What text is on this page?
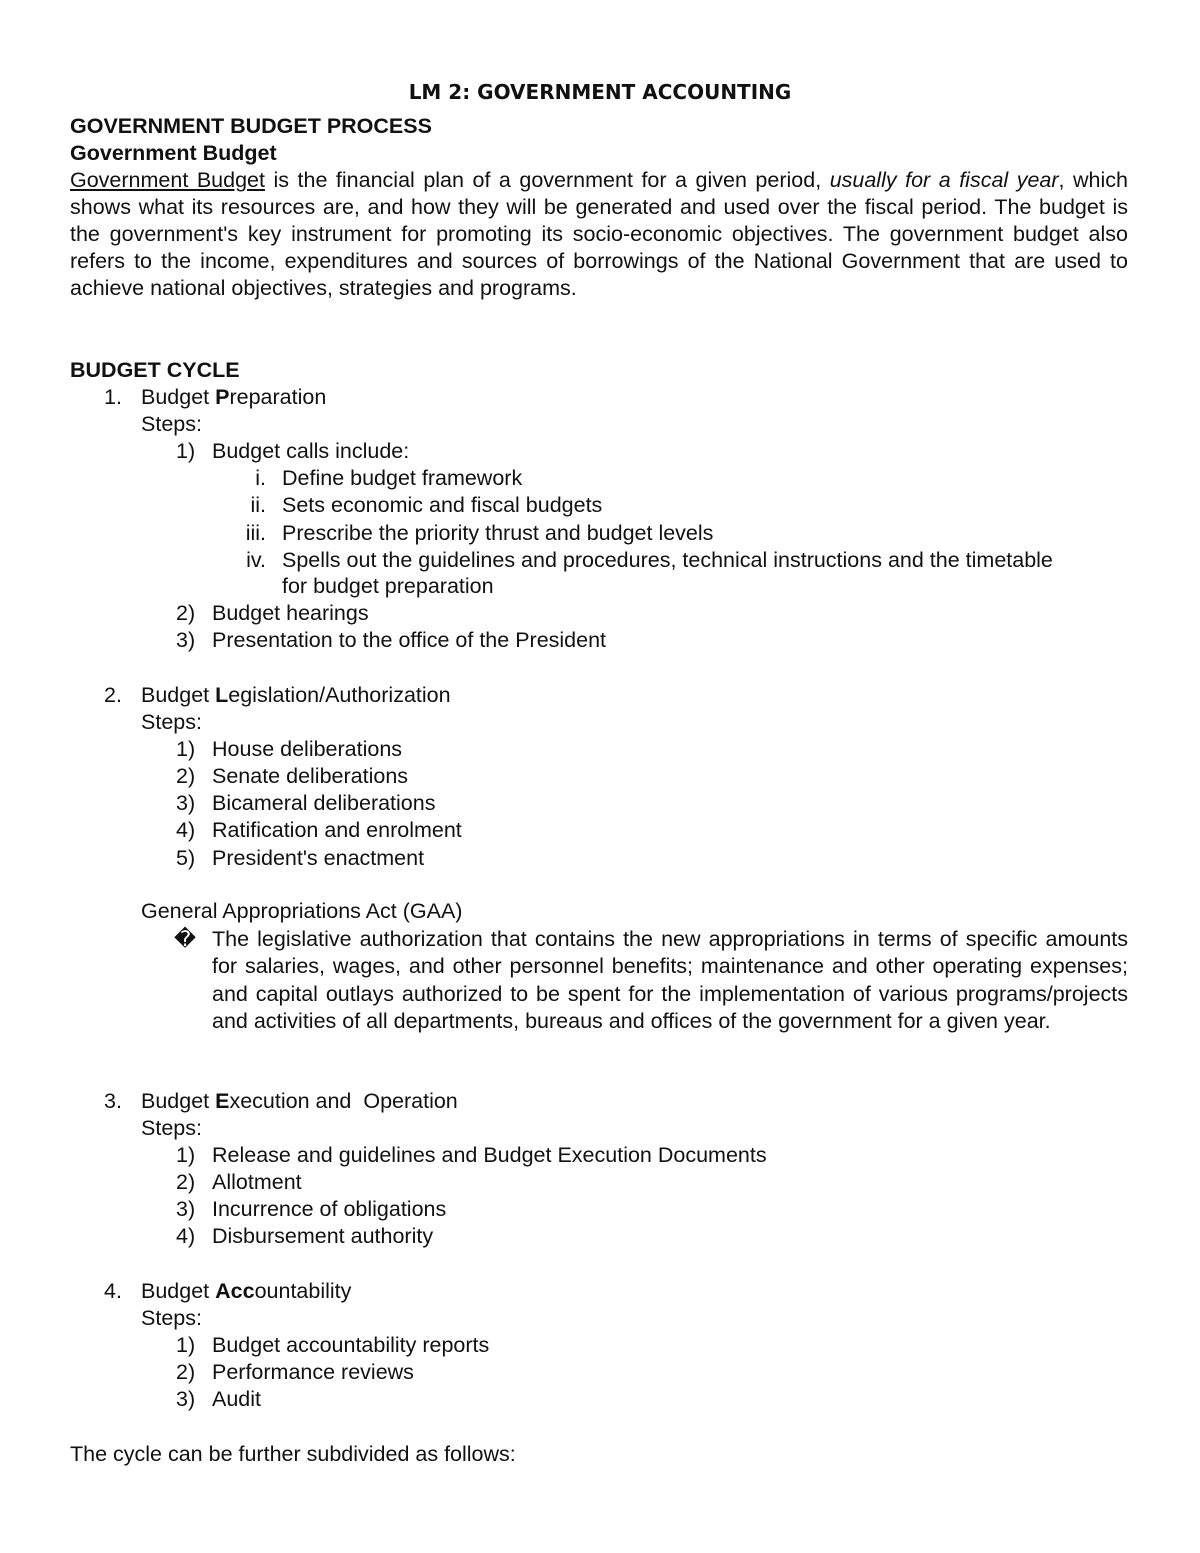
LM 2: GOVERNMENT ACCOUNTING
GOVERNMENT BUDGET PROCESS
Government Budget
Government Budget is the financial plan of a government for a given period, usually for a fiscal year, which shows what its resources are, and how they will be generated and used over the fiscal period. The budget is the government's key instrument for promoting its socio-economic objectives. The government budget also refers to the income, expenditures and sources of borrowings of the National Government that are used to achieve national objectives, strategies and programs.
BUDGET CYCLE
1. Budget Preparation
Steps:
1) Budget calls include:
i. Define budget framework
ii. Sets economic and fiscal budgets
iii. Prescribe the priority thrust and budget levels
iv. Spells out the guidelines and procedures, technical instructions and the timetable
for budget preparation
2) Budget hearings
3) Presentation to the office of the President
2. Budget Legislation/Authorization
Steps:
1) House deliberations
2) Senate deliberations
3) Bicameral deliberations
4) Ratification and enrolment
5) President's enactment
General Appropriations Act (GAA)
� The legislative authorization that contains the new appropriations in terms of specific amounts for salaries, wages, and other personnel benefits; maintenance and other operating expenses; and capital outlays authorized to be spent for the implementation of various programs/projects and activities of all departments, bureaus and offices of the government for a given year.
3. Budget Execution and  Operation
Steps:
1) Release and guidelines and Budget Execution Documents
2) Allotment
3) Incurrence of obligations
4) Disbursement authority
4. Budget Accountability
Steps:
1) Budget accountability reports
2) Performance reviews
3) Audit
The cycle can be further subdivided as follows:
